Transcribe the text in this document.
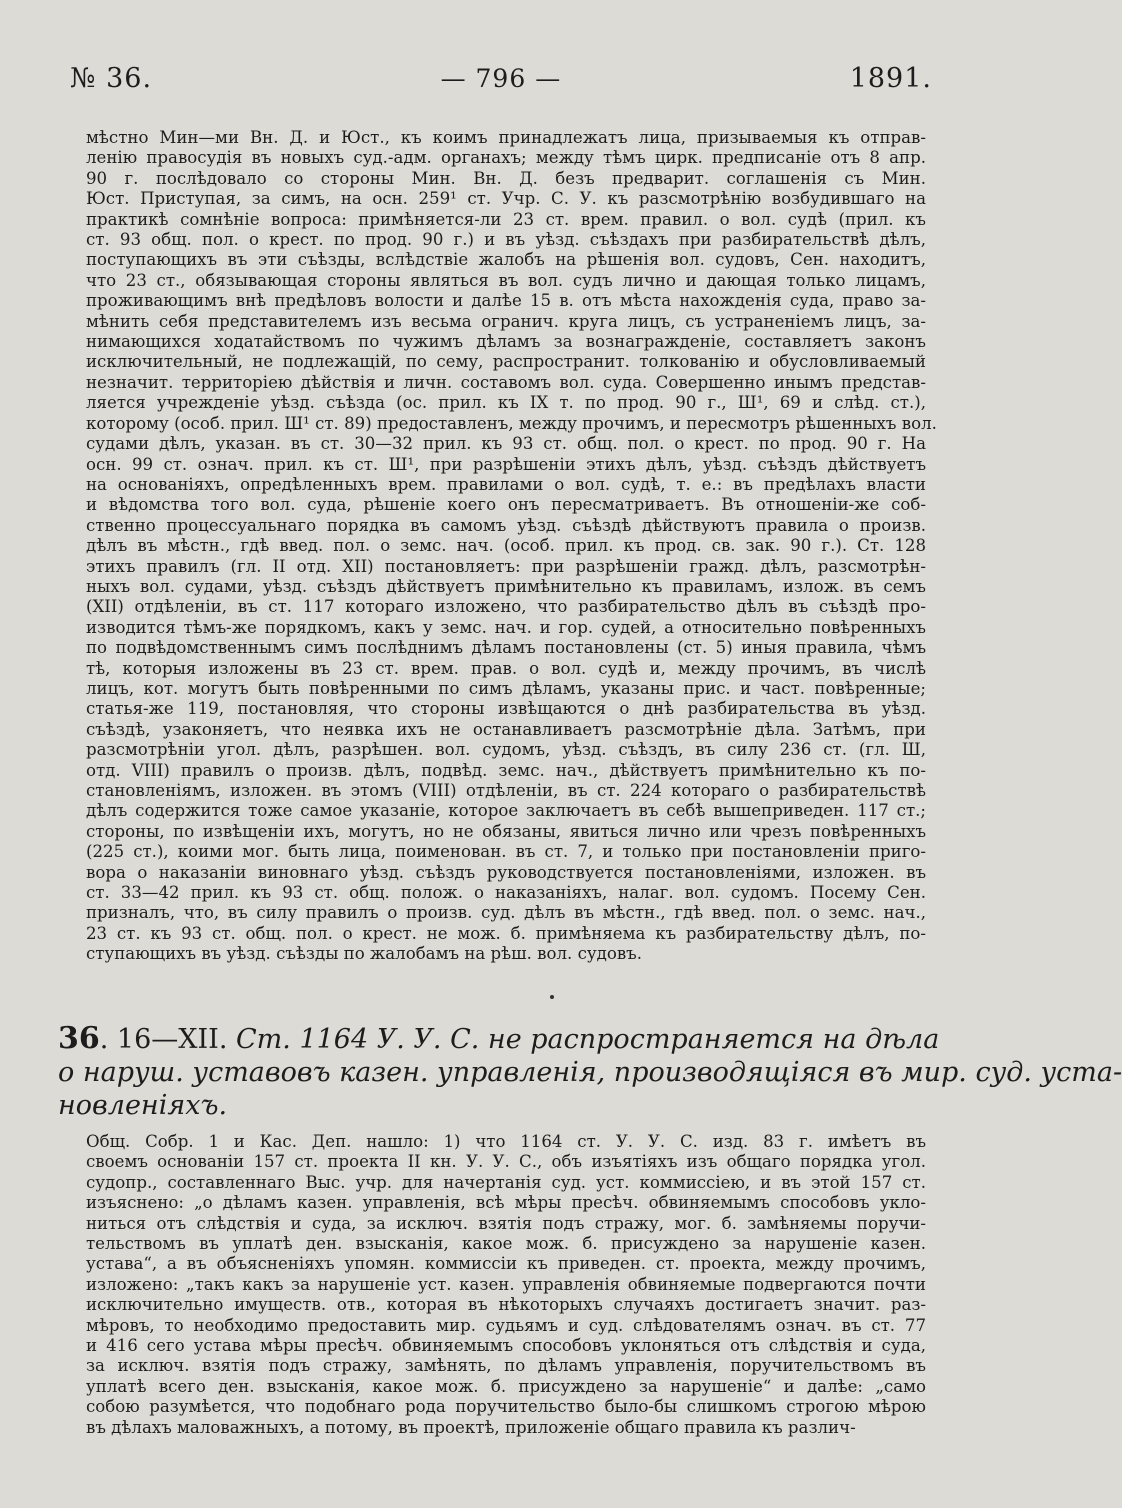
№ 36.	— 796 —	1891.
мѣстно Мин—ми Вн. Д. и Юст., къ коимъ принадлежатъ лица, призываемыя къ отправ-
ленію правосудія въ новыхъ суд.-адм. органахъ; между тѣмъ цирк. предписаніе отъ 8 апр.
90 г. послѣдовало со стороны Мин. Вн. Д. безъ предварит. соглашенія съ Мин.
Юст. Приступая, за симъ, на осн. 259¹ ст. Учр. С. У. къ разсмотрѣнію возбудившаго на
практикѣ сомнѣніе вопроса: примѣняется-ли 23 ст. врем. правил. о вол. судѣ (прил. къ
ст. 93 общ. пол. о крест. по прод. 90 г.) и въ уѣзд. съѣздахъ при разбирательствѣ дѣлъ,
поступающихъ въ эти съѣзды, вслѣдствіе жалобъ на рѣшенія вол. судовъ, Сен. находитъ,
что 23 ст., обязывающая стороны являться въ вол. судъ лично и дающая только лицамъ,
проживающимъ внѣ предѣловъ волости и далѣе 15 в. отъ мѣста нахожденія суда, право за-
мѣнить себя представителемъ изъ весьма огранич. круга лицъ, съ устраненіемъ лицъ, за-
нимающихся ходатайствомъ по чужимъ дѣламъ за вознагражденіе, составляетъ законъ
исключительный, не подлежащій, по сему, распространит. толкованію и обусловливаемый
незначит. территоріею дѣйствія и личн. составомъ вол. суда. Совершенно инымъ представ-
ляется учрежденіе уѣзд. съѣзда (ос. прил. къ IX т. по прод. 90 г., Ш¹, 69 и слѣд. ст.),
которому (особ. прил. Ш¹ ст. 89) предоставленъ, между прочимъ, и пересмотръ рѣшенныхъ вол.
судами дѣлъ, указан. въ ст. 30—32 прил. къ 93 ст. общ. пол. о крест. по прод. 90 г. На
осн. 99 ст. означ. прил. къ ст. Ш¹, при разрѣшеніи этихъ дѣлъ, уѣзд. съѣздъ дѣйствуетъ
на основаніяхъ, опредѣленныхъ врем. правилами о вол. судѣ, т. е.: въ предѣлахъ власти
и вѣдомства того вол. суда, рѣшеніе коего онъ пересматриваетъ. Въ отношеніи-же соб-
ственно процессуальнаго порядка въ самомъ уѣзд. съѣздѣ дѣйствуютъ правила о произв.
дѣлъ въ мѣстн., гдѣ введ. пол. о земс. нач. (особ. прил. къ прод. св. зак. 90 г.). Ст. 128
этихъ правилъ (гл. II отд. XII) постановляетъ: при разрѣшеніи гражд. дѣлъ, разсмотрѣн-
ныхъ вол. судами, уѣзд. съѣздъ дѣйствуетъ примѣнительно къ правиламъ, излож. въ семъ
(XII) отдѣленіи, въ ст. 117 котораго изложено, что разбирательство дѣлъ въ съѣздѣ про-
изводится тѣмъ-же порядкомъ, какъ у земс. нач. и гор. судей, а относительно повѣренныхъ
по подвѣдомственнымъ симъ послѣднимъ дѣламъ постановлены (ст. 5) иныя правила, чѣмъ
тѣ, которыя изложены въ 23 ст. врем. прав. о вол. судѣ и, между прочимъ, въ числѣ
лицъ, кот. могутъ быть повѣренными по симъ дѣламъ, указаны прис. и част. повѣренные;
статья-же 119, постановляя, что стороны извѣщаются о днѣ разбирательства въ уѣзд.
съѣздѣ, узаконяетъ, что неявка ихъ не останавливаетъ разсмотрѣніе дѣла. Затѣмъ, при
разсмотрѣніи угол. дѣлъ, разрѣшен. вол. судомъ, уѣзд. съѣздъ, въ силу 236 ст. (гл. Ш,
отд. VIII) правилъ о произв. дѣлъ, подвѣд. земс. нач., дѣйствуетъ примѣнительно къ по-
становленіямъ, изложен. въ этомъ (VIII) отдѣленіи, въ ст. 224 котораго о разбирательствѣ
дѣлъ содержится тоже самое указаніе, которое заключаетъ въ себѣ вышеприведен. 117 ст.;
стороны, по извѣщеніи ихъ, могутъ, но не обязаны, явиться лично или чрезъ повѣренныхъ
(225 ст.), коими мог. быть лица, поименован. въ ст. 7, и только при постановленіи приго-
вора о наказаніи виновнаго уѣзд. съѣздъ руководствуется постановленіями, изложен. въ
ст. 33—42 прил. къ 93 ст. общ. полож. о наказаніяхъ, налаг. вол. судомъ. Посему Сен.
призналъ, что, въ силу правилъ о произв. суд. дѣлъ въ мѣстн., гдѣ введ. пол. о земс. нач.,
23 ст. къ 93 ст. общ. пол. о крест. не мож. б. примѣняема къ разбирательству дѣлъ, по-
ступающихъ въ уѣзд. съѣзды по жалобамъ на рѣш. вол. судовъ.
36. 16—XII. Ст. 1164 У. У. С. не распространяется на дѣла
о наруш. уставовъ казен. управленія, производящіяся въ мир. суд. уста-
новленіяхъ.
Общ. Собр. 1 и Кас. Деп. нашло: 1) что 1164 ст. У. У. С. изд. 83 г. имѣетъ въ
своемъ основаніи 157 ст. проекта II кн. У. У. С., объ изъятіяхъ изъ общаго порядка угол.
судопр., составленнаго Выс. учр. для начертанія суд. уст. коммиссіею, и въ этой 157 ст.
изъяснено: „о дѣламъ казен. управленія, всѣ мѣры пресѣч. обвиняемымъ способовъ укло-
ниться отъ слѣдствія и суда, за исключ. взятія подъ стражу, мог. б. замѣняемы поручи-
тельствомъ въ уплатѣ ден. взысканія, какое мож. б. присуждено за нарушеніе казен.
устава“, а въ объясненіяхъ упомян. коммиссіи къ приведен. ст. проекта, между прочимъ,
изложено: „такъ какъ за нарушеніе уст. казен. управленія обвиняемые подвергаются почти
исключительно имуществ. отв., которая въ нѣкоторыхъ случаяхъ достигаетъ значит. раз-
мѣровъ, то необходимо предоставить мир. судьямъ и суд. слѣдователямъ означ. въ ст. 77
и 416 сего устава мѣры пресѣч. обвиняемымъ способовъ уклоняться отъ слѣдствія и суда,
за исключ. взятія подъ стражу, замѣнять, по дѣламъ управленія, поручительствомъ въ
уплатѣ всего ден. взысканія, какое мож. б. присуждено за нарушеніе“ и далѣе: „само
собою разумѣется, что подобнаго рода поручительство было-бы слишкомъ строгою мѣрою
въ дѣлахъ маловажныхъ, а потому, въ проектѣ, приложеніе общаго правила къ различ-
